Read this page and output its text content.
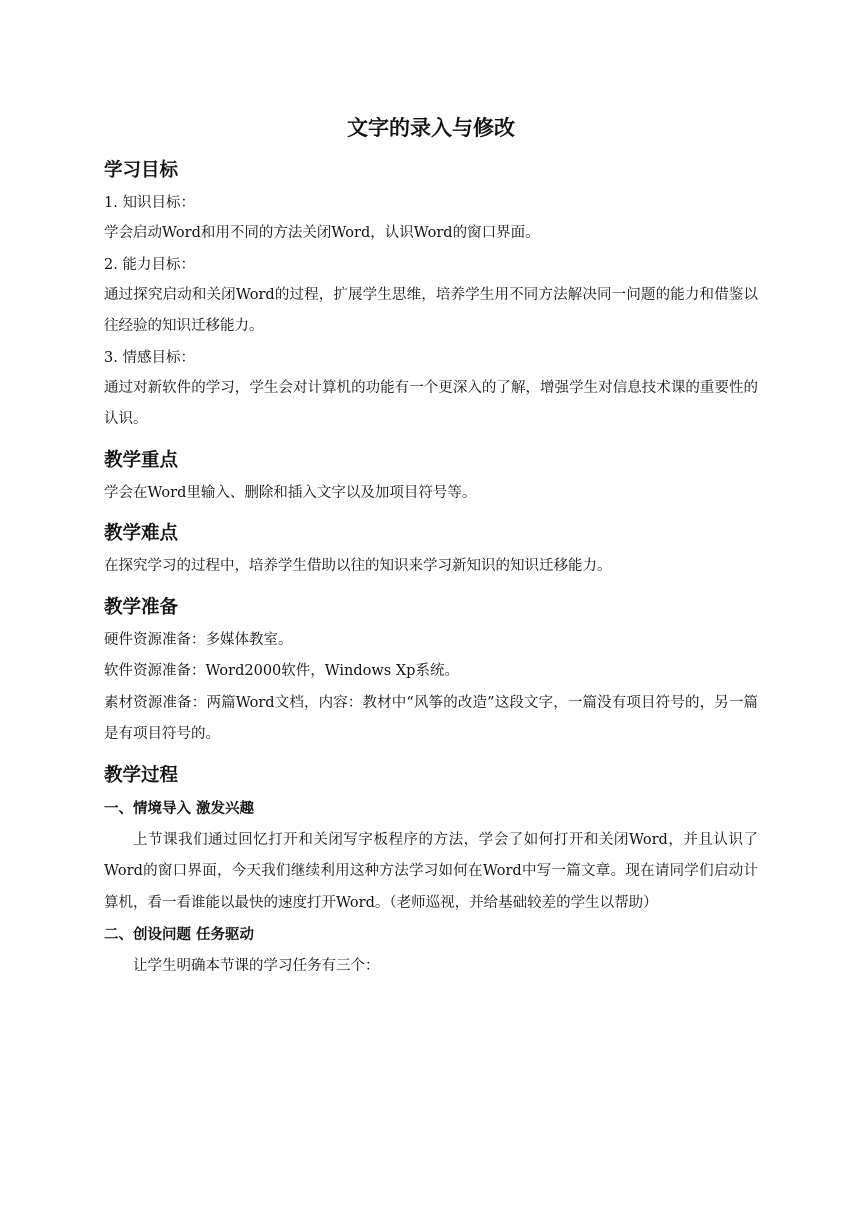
文字的录入与修改
学习目标

1. 知识目标：

学会启动Word和用不同的方法关闭Word，认识Word的窗口界面。

2. 能力目标：

通过探究启动和关闭Word的过程，扩展学生思维，培养学生用不同方法解决同一问题的能力和借鉴以往经验的知识迁移能力。

3. 情感目标：

通过对新软件的学习，学生会对计算机的功能有一个更深入的了解，增强学生对信息技术课的重要性的认识。

教学重点

学会在Word里输入、删除和插入文字以及加项目符号等。

教学难点

在探究学习的过程中，培养学生借助以往的知识来学习新知识的知识迁移能力。

教学准备

硬件资源准备：多媒体教室。

软件资源准备：Word2000软件，Windows Xp系统。

素材资源准备：两篇Word文档，内容：教材中“风筝的改造”这段文字，一篇没有项目符号的，另一篇是有项目符号的。

教学过程
一、情境导入 激发兴趣

上节课我们通过回忆打开和关闭写字板程序的方法，学会了如何打开和关闭Word，并且认识了Word的窗口界面，今天我们继续利用这种方法学习如何在Word中写一篇文章。现在请同学们启动计算机，看一看谁能以最快的速度打开Word。（老师巡视，并给基础较差的学生以帮助）

二、创设问题 任务驱动

让学生明确本节课的学习任务有三个：
